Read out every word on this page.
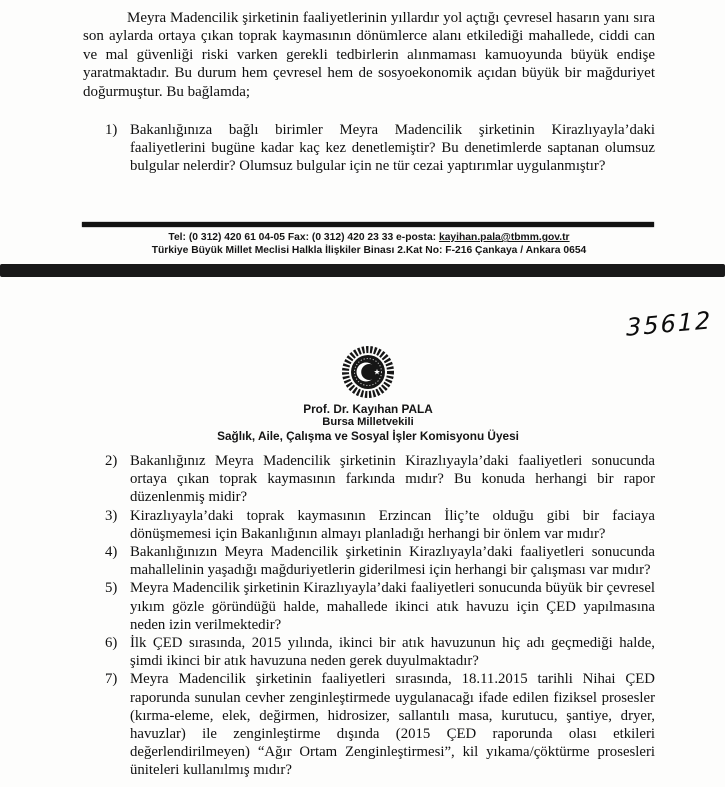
Meyra Madencilik şirketinin faaliyetlerinin yıllardır yol açtığı çevresel hasarın yanı sıra son aylarda ortaya çıkan toprak kaymasının dönümlerce alanı etkilediği mahallede, ciddi can ve mal güvenliği riski varken gerekli tedbirlerin alınmaması kamuoyunda büyük endişe yaratmaktadır. Bu durum hem çevresel hem de sosyoekonomik açıdan büyük bir mağduriyet doğurmuştur. Bu bağlamda;

1) Bakanlığınıza bağlı birimler Meyra Madencilik şirketinin Kirazlıyayla’daki faaliyetlerini bugüne kadar kaç kez denetlemiştir? Bu denetimlerde saptanan olumsuz bulgular nelerdir? Olumsuz bulgular için ne tür cezai yaptırımlar uygulanmıştır?
Tel: (0 312) 420 61 04-05 Fax: (0 312) 420 23 33 e-posta: kayihan.pala@tbmm.gov.tr
Türkiye Büyük Millet Meclisi Halkla İlişkiler Binası 2.Kat No: F-216 Çankaya / Ankara 0654
35612
Prof. Dr. Kayıhan PALA
Bursa Milletvekili
Sağlık, Aile, Çalışma ve Sosyal İşler Komisyonu Üyesi
2) Bakanlığınız Meyra Madencilik şirketinin Kirazlıyayla’daki faaliyetleri sonucunda ortaya çıkan toprak kaymasının farkında mıdır? Bu konuda herhangi bir rapor düzenlenmiş midir?
3) Kirazlıyayla’daki toprak kaymasının Erzincan İliç’te olduğu gibi bir faciaya dönüşmemesi için Bakanlığının almayı planladığı herhangi bir önlem var mıdır?
4) Bakanlığınızın Meyra Madencilik şirketinin Kirazlıyayla’daki faaliyetleri sonucunda mahallelinin yaşadığı mağduriyetlerin giderilmesi için herhangi bir çalışması var mıdır?
5) Meyra Madencilik şirketinin Kirazlıyayla’daki faaliyetleri sonucunda büyük bir çevresel yıkım gözle göründüğü halde, mahallede ikinci atık havuzu için ÇED yapılmasına neden izin verilmektedir?
6) İlk ÇED sırasında, 2015 yılında, ikinci bir atık havuzunun hiç adı geçmediği halde, şimdi ikinci bir atık havuzuna neden gerek duyulmaktadır?
7) Meyra Madencilik şirketinin faaliyetleri sırasında, 18.11.2015 tarihli Nihai ÇED raporunda sunulan cevher zenginleştirmede uygulanacağı ifade edilen fiziksel prosesler (kırma-eleme, elek, değirmen, hidrosizer, sallantılı masa, kurutucu, şantiye, dryer, havuzlar) ile zenginleştirme dışında (2015 ÇED raporunda olası etkileri değerlendirilmeyen) “Ağır Ortam Zenginleştirmesi”, kil yıkama/çöktürme prosesleri üniteleri kullanılmış mıdır?
